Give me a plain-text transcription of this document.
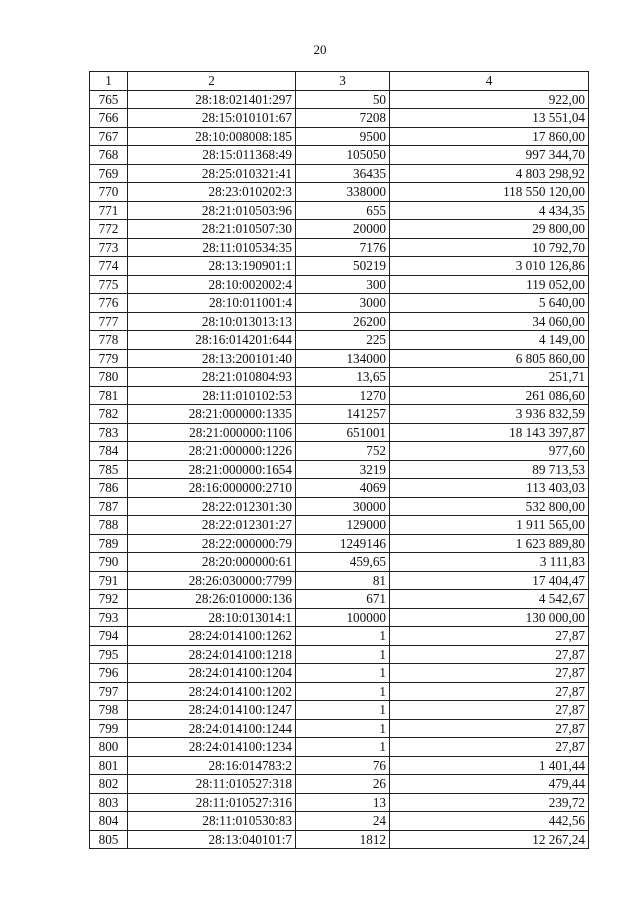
20
1	2	3	4
765	28:18:021401:297	50	922,00
766	28:15:010101:67	7208	13 551,04
767	28:10:008008:185	9500	17 860,00
768	28:15:011368:49	105050	997 344,70
769	28:25:010321:41	36435	4 803 298,92
770	28:23:010202:3	338000	118 550 120,00
771	28:21:010503:96	655	4 434,35
772	28:21:010507:30	20000	29 800,00
773	28:11:010534:35	7176	10 792,70
774	28:13:190901:1	50219	3 010 126,86
775	28:10:002002:4	300	119 052,00
776	28:10:011001:4	3000	5 640,00
777	28:10:013013:13	26200	34 060,00
778	28:16:014201:644	225	4 149,00
779	28:13:200101:40	134000	6 805 860,00
780	28:21:010804:93	13,65	251,71
781	28:11:010102:53	1270	261 086,60
782	28:21:000000:1335	141257	3 936 832,59
783	28:21:000000:1106	651001	18 143 397,87
784	28:21:000000:1226	752	977,60
785	28:21:000000:1654	3219	89 713,53
786	28:16:000000:2710	4069	113 403,03
787	28:22:012301:30	30000	532 800,00
788	28:22:012301:27	129000	1 911 565,00
789	28:22:000000:79	1249146	1 623 889,80
790	28:20:000000:61	459,65	3 111,83
791	28:26:030000:7799	81	17 404,47
792	28:26:010000:136	671	4 542,67
793	28:10:013014:1	100000	130 000,00
794	28:24:014100:1262	1	27,87
795	28:24:014100:1218	1	27,87
796	28:24:014100:1204	1	27,87
797	28:24:014100:1202	1	27,87
798	28:24:014100:1247	1	27,87
799	28:24:014100:1244	1	27,87
800	28:24:014100:1234	1	27,87
801	28:16:014783:2	76	1 401,44
802	28:11:010527:318	26	479,44
803	28:11:010527:316	13	239,72
804	28:11:010530:83	24	442,56
805	28:13:040101:7	1812	12 267,24
